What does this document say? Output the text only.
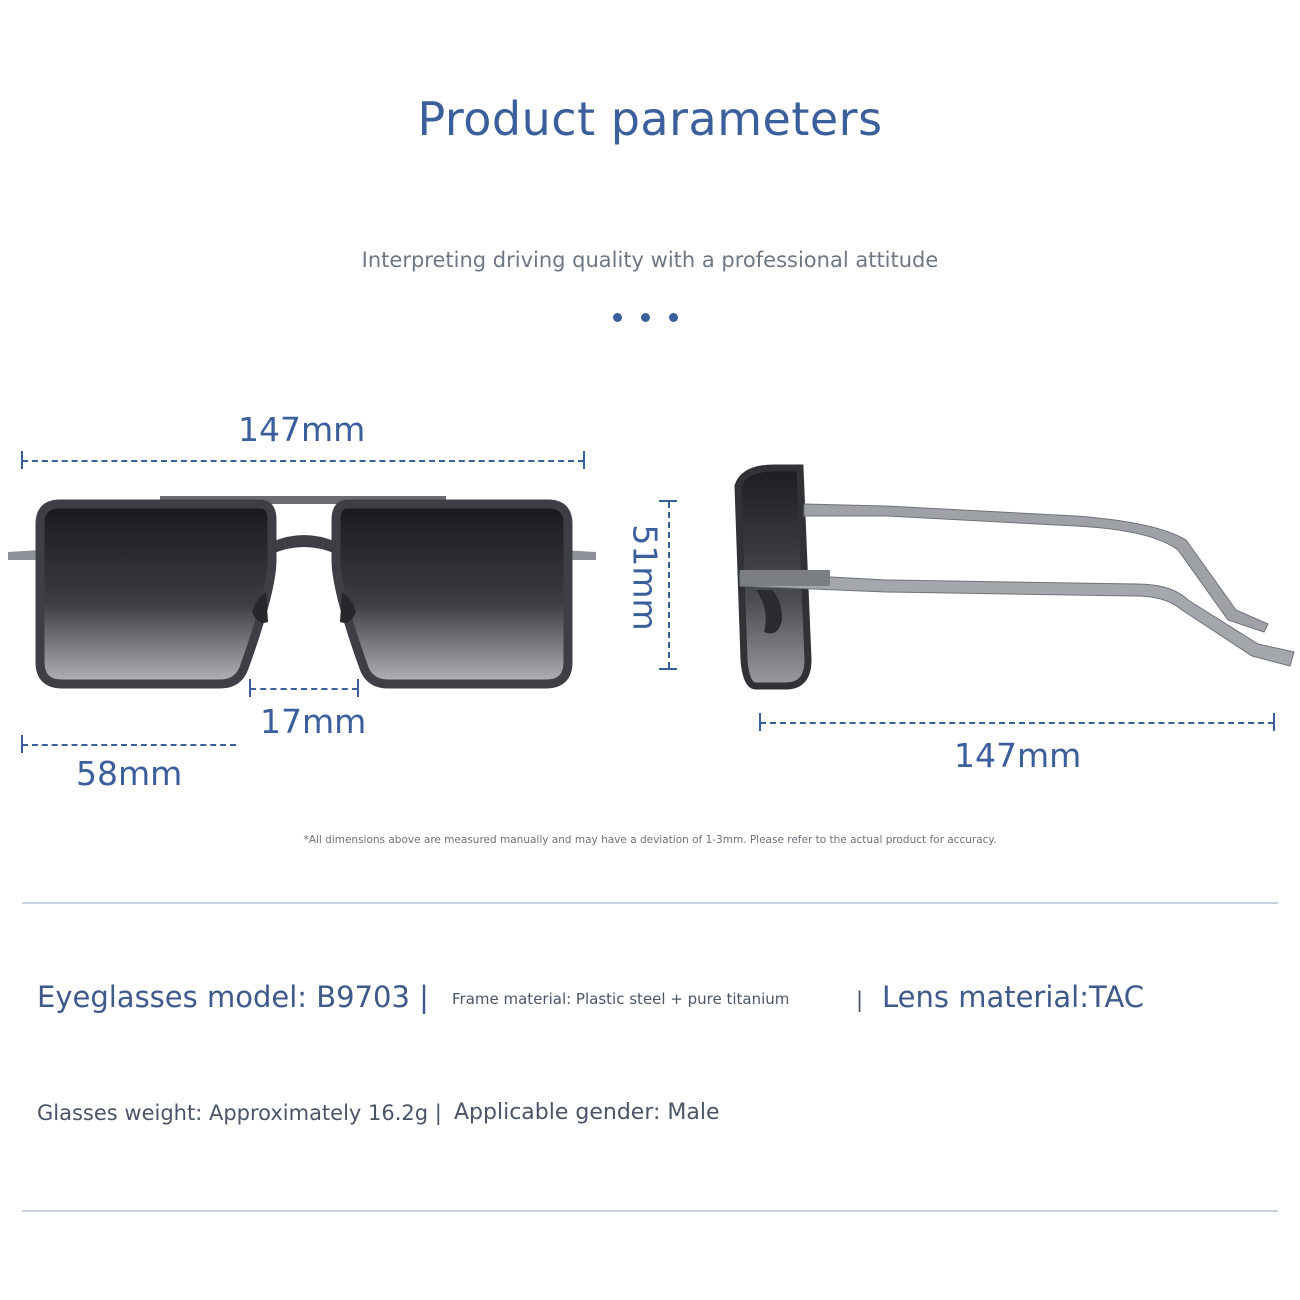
Product parameters
Interpreting driving quality with a professional attitude
147mm
17mm
58mm
51mm
147mm
*All dimensions above are measured manually and may have a deviation of 1-3mm. Please refer to the actual product for accuracy.
Eyeglasses model: B9703 | Frame material: Plastic steel + pure titanium	| Lens material:TAC
Glasses weight: Approximately 16.2g | Applicable gender: Male
